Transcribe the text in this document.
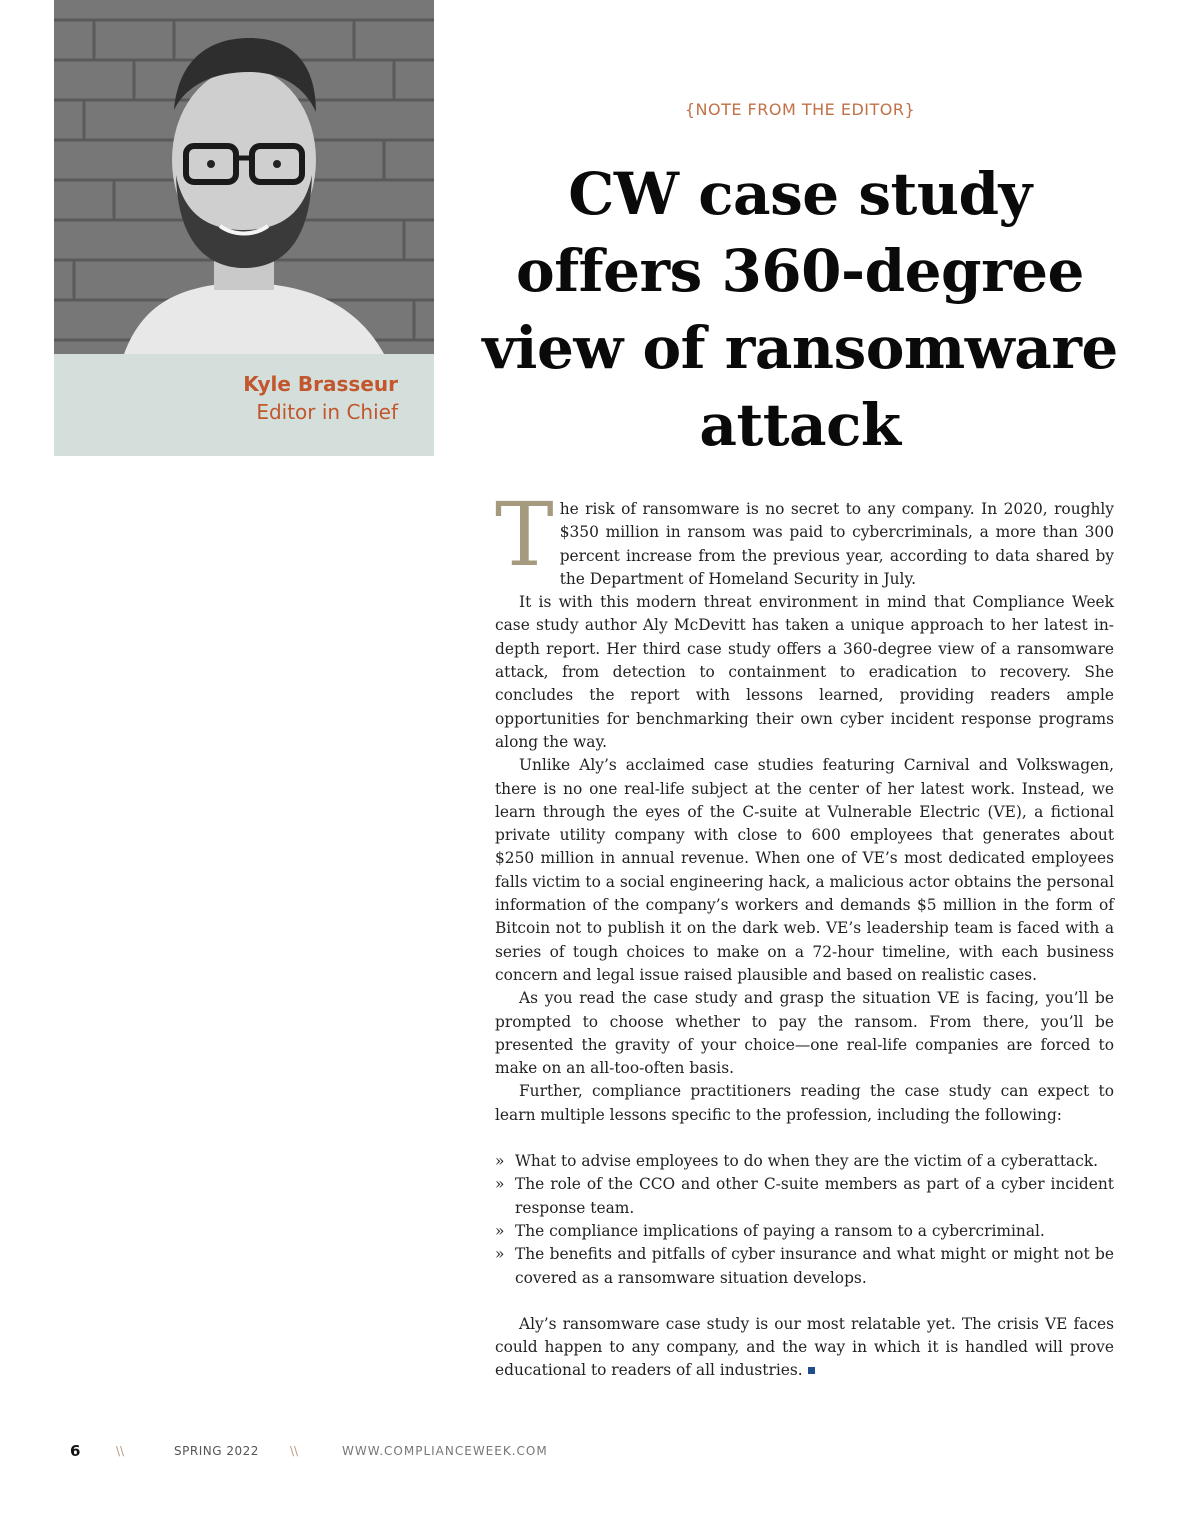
Kyle Brasseur
Editor in Chief
{NOTE FROM THE EDITOR}
CW case study offers 360-degree view of ransomware attack

The risk of ransomware is no secret to any company. In 2020, roughly $350 million in ransom was paid to cybercriminals, a more than 300 percent increase from the previous year, according to data shared by the Department of Homeland Security in July.

It is with this modern threat environment in mind that Compliance Week case study author Aly McDevitt has taken a unique approach to her latest in-depth report. Her third case study offers a 360-degree view of a ransomware attack, from detection to containment to eradication to recovery. She concludes the report with lessons learned, providing readers ample opportunities for benchmarking their own cyber incident response programs along the way.

Unlike Aly’s acclaimed case studies featuring Carnival and Volkswagen, there is no one real-life subject at the center of her latest work. Instead, we learn through the eyes of the C-suite at Vulnerable Electric (VE), a fictional private utility company with close to 600 employees that generates about $250 million in annual revenue. When one of VE’s most dedicated employees falls victim to a social engineering hack, a malicious actor obtains the personal information of the company’s workers and demands $5 million in the form of Bitcoin not to publish it on the dark web. VE’s leadership team is faced with a series of tough choices to make on a 72-hour timeline, with each business concern and legal issue raised plausible and based on realistic cases.

As you read the case study and grasp the situation VE is facing, you’ll be prompted to choose whether to pay the ransom. From there, you’ll be presented the gravity of your choice—one real-life companies are forced to make on an all-too-often basis.

Further, compliance practitioners reading the case study can expect to learn multiple lessons specific to the profession, including the following:

» What to advise employees to do when they are the victim of a cyberattack.
» The role of the CCO and other C-suite members as part of a cyber incident response team.
» The compliance implications of paying a ransom to a cybercriminal.
» The benefits and pitfalls of cyber insurance and what might or might not be covered as a ransomware situation develops.

Aly’s ransomware case study is our most relatable yet. The crisis VE faces could happen to any company, and the way in which it is handled will prove educational to readers of all industries.

6	\\	SPRING 2022	\\	WWW.COMPLIANCEWEEK.COM
